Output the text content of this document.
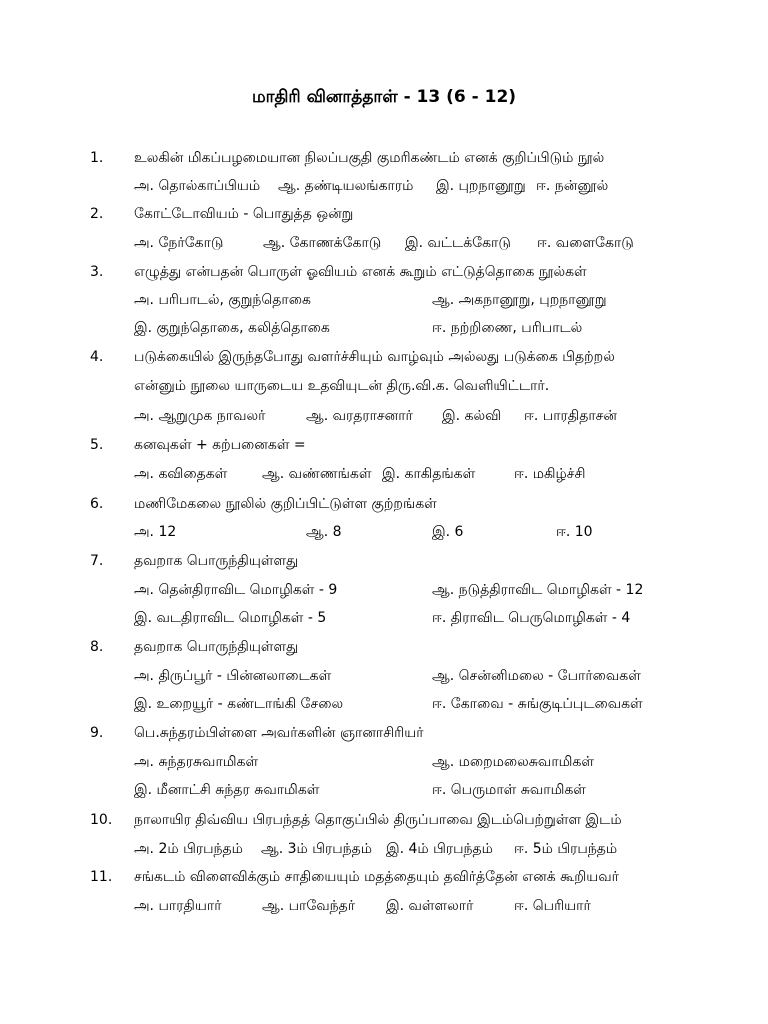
மாதிரி வினாத்தாள் - 13 (6 - 12)
1. உலகின் மிகப்பழமையான நிலப்பகுதி குமரிகண்டம் எனக் குறிப்பிடும் நூல்
அ. தொல்காப்பியம் ஆ. தண்டியலங்காரம் இ. புறநானூறு ஈ. நன்னூல்
2. கோட்டோவியம் - பொதுத்த ஒன்று
அ. நேர்கோடு	ஆ. கோணக்கோடு இ. வட்டக்கோடு ஈ. வளைகோடு
3. எழுத்து என்பதன் பொருள் ஓவியம் எனக் கூறும் எட்டுத்தொகை நூல்கள்
அ. பரிபாடல், குறுந்தொகை	ஆ. அகநானூறு, புறநானூறு
இ. குறுந்தொகை, கலித்தொகை	ஈ. நற்றிணை, பரிபாடல்
4. படுக்கையில் இருந்தபோது வளர்ச்சியும் வாழ்வும் அல்லது படுக்கை பிதற்றல்
என்னும் நூலை யாருடைய உதவியுடன் திரு.வி.க. வெளியிட்டார்.
அ. ஆறுமுக நாவலர்	ஆ. வரதராசனார் இ. கல்வி ஈ. பாரதிதாசன்
5. கனவுகள் + கற்பனைகள் =
அ. கவிதைகள் ஆ. வண்ணங்கள் இ. காகிதங்கள்	ஈ. மகிழ்ச்சி
6. மணிமேகலை நூலில் குறிப்பிட்டுள்ள குற்றங்கள்
அ. 12	ஆ. 8	இ. 6	ஈ. 10
7. தவறாக பொருந்தியுள்ளது
அ. தென்திராவிட மொழிகள் - 9	ஆ. நடுத்திராவிட மொழிகள் - 12
இ. வடதிராவிட மொழிகள் - 5	ஈ. திராவிட பெருமொழிகள் - 4
8. தவறாக பொருந்தியுள்ளது
அ. திருப்பூர் - பின்னலாடைகள்	ஆ. சென்னிமலை - போர்வைகள்
இ. உறையூர் - கண்டாங்கி சேலை	ஈ. கோவை - சுங்குடிப்புடவைகள்
9. பெ.சுந்தரம்பிள்ளை அவர்களின் ஞானாசிரியர்
அ. சுந்தரசுவாமிகள்	ஆ. மறைமலைசுவாமிகள்
இ. மீனாட்சி சுந்தர சுவாமிகள்	ஈ. பெருமாள் சுவாமிகள்
10. நாலாயிர திவ்விய பிரபந்தத் தொகுப்பில் திருப்பாவை இடம்பெற்றுள்ள இடம்
அ. 2ம் பிரபந்தம் ஆ. 3ம் பிரபந்தம் இ. 4ம் பிரபந்தம் ஈ. 5ம் பிரபந்தம்
11. சங்கடம் விளைவிக்கும் சாதியையும் மதத்தையும் தவிர்த்தேன் எனக் கூறியவர்
அ. பாரதியார்	ஆ. பாவேந்தர் இ. வள்ளலார்	ஈ. பெரியார்
